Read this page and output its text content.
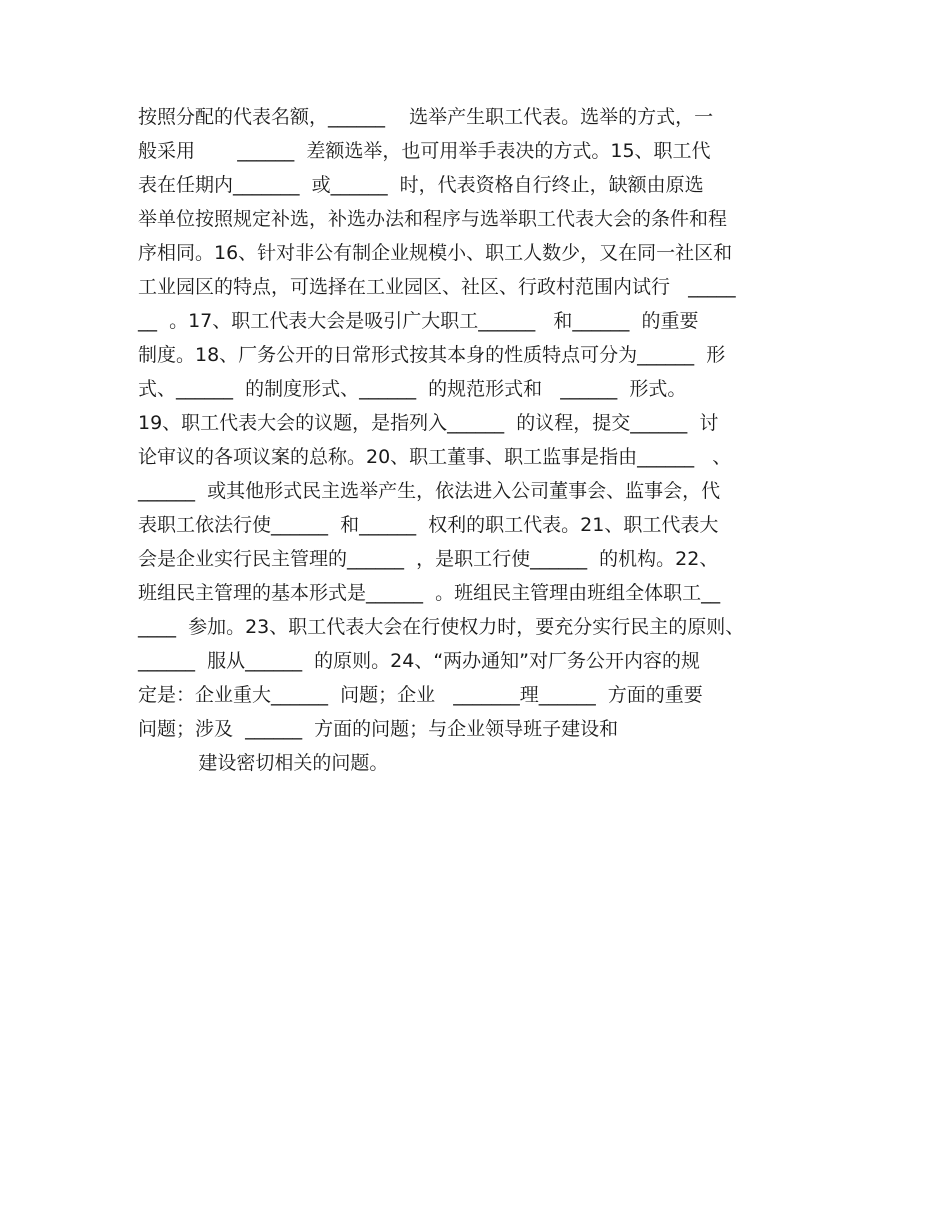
按照分配的代表名额，______    选举产生职工代表。选举的方式，一
般采用       ______  差额选举，也可用举手表决的方式。15、职工代
表在任期内_______  或______  时，代表资格自行终止，缺额由原选
举单位按照规定补选，补选办法和程序与选举职工代表大会的条件和程
序相同。16、针对非公有制企业规模小、职工人数少，又在同一社区和
工业园区的特点，可选择在工业园区、社区、行政村范围内试行   _____
__  。17、职工代表大会是吸引广大职工______   和______  的重要
制度。18、厂务公开的日常形式按其本身的性质特点可分为______  形
式、______  的制度形式、______  的规范形式和   ______  形式。
19、职工代表大会的议题，是指列入______  的议程，提交______  讨
论审议的各项议案的总称。20、职工董事、职工监事是指由______   、
______  或其他形式民主选举产生，依法进入公司董事会、监事会，代
表职工依法行使______  和______  权利的职工代表。21、职工代表大
会是企业实行民主管理的______  ，是职工行使______  的机构。22、
班组民主管理的基本形式是______  。班组民主管理由班组全体职工__
____  参加。23、职工代表大会在行使权力时，要充分实行民主的原则、
______  服从______  的原则。24、“两办通知”对厂务公开内容的规
定是：企业重大______  问题；企业   _______理______  方面的重要
问题；涉及  ______  方面的问题；与企业领导班子建设和
建设密切相关的问题。
